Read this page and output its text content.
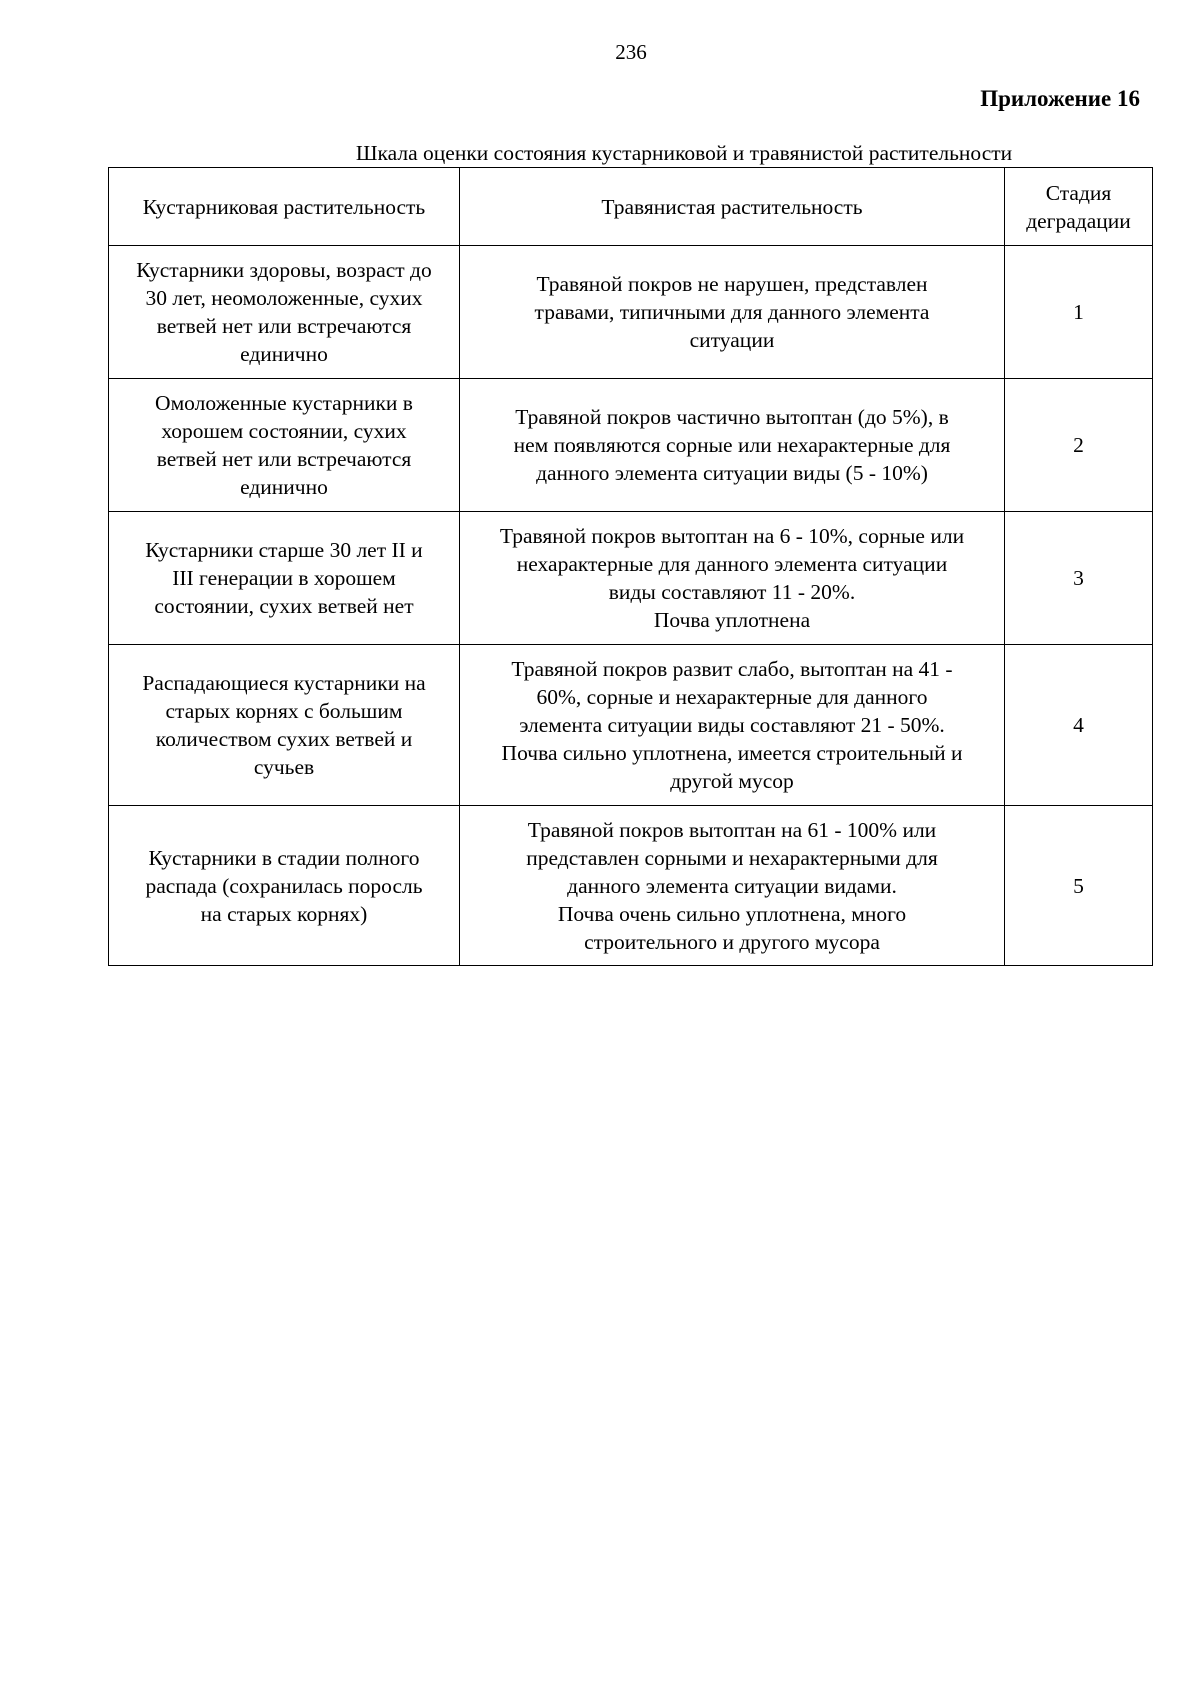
236
Приложение 16
Шкала оценки состояния кустарниковой и травянистой растительности
Кустарниковая растительность	Травянистая растительность	Стадия
деградации
Кустарники здоровы, возраст до
30 лет, неомоложенные, сухих
ветвей нет или встречаются
единично	Травяной покров не нарушен, представлен
травами, типичными для данного элемента
ситуации	1
Омоложенные кустарники в
хорошем состоянии, сухих
ветвей нет или встречаются
единично	Травяной покров частично вытоптан (до 5%), в
нем появляются сорные или нехарактерные для
данного элемента ситуации виды (5 - 10%)	2
Кустарники старше 30 лет II и
III генерации в хорошем
состоянии, сухих ветвей нет	Травяной покров вытоптан на 6 - 10%, сорные или
нехарактерные для данного элемента ситуации
виды составляют 11 - 20%.
Почва уплотнена	3
Распадающиеся кустарники на
старых корнях с большим
количеством сухих ветвей и
сучьев	Травяной покров развит слабо, вытоптан на 41 -
60%, сорные и нехарактерные для данного
элемента ситуации виды составляют 21 - 50%.
Почва сильно уплотнена, имеется строительный и
другой мусор	4
Кустарники в стадии полного
распада (сохранилась поросль
на старых корнях)	Травяной покров вытоптан на 61 - 100% или
представлен сорными и нехарактерными для
данного элемента ситуации видами.
Почва очень сильно уплотнена, много
строительного и другого мусора	5
